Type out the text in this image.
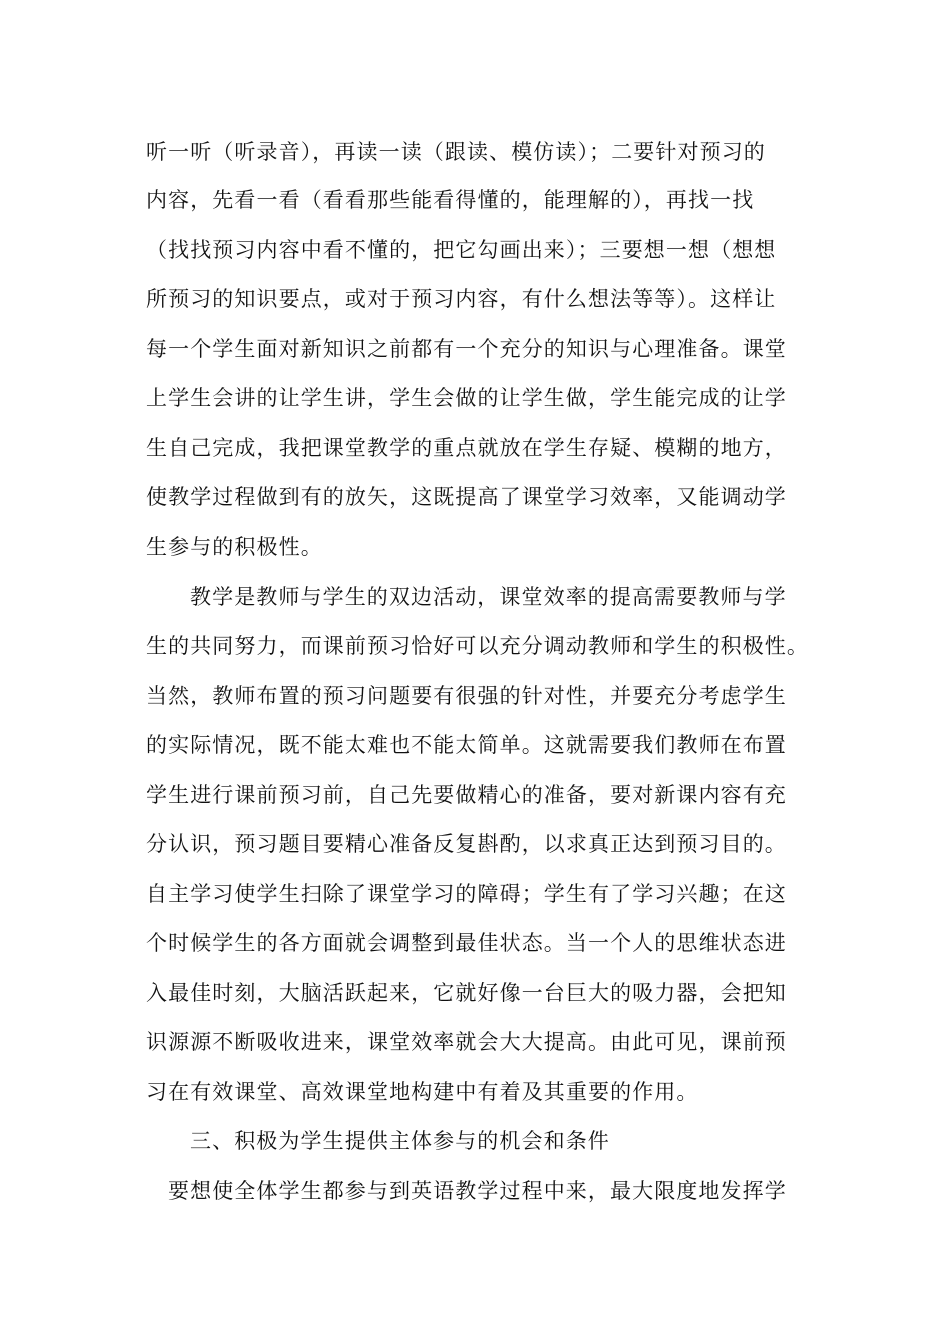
听一听（听录音），再读一读（跟读、模仿读）；二要针对预习的
内容，先看一看（看看那些能看得懂的，能理解的），再找一找
（找找预习内容中看不懂的，把它勾画出来）；三要想一想（想想
所预习的知识要点，或对于预习内容，有什么想法等等）。这样让
每一个学生面对新知识之前都有一个充分的知识与心理准备。课堂
上学生会讲的让学生讲，学生会做的让学生做，学生能完成的让学
生自己完成，我把课堂教学的重点就放在学生存疑、模糊的地方，
使教学过程做到有的放矢，这既提高了课堂学习效率，又能调动学
生参与的积极性。
教学是教师与学生的双边活动，课堂效率的提高需要教师与学
生的共同努力，而课前预习恰好可以充分调动教师和学生的积极性。
当然，教师布置的预习问题要有很强的针对性，并要充分考虑学生
的实际情况，既不能太难也不能太简单。这就需要我们教师在布置
学生进行课前预习前，自己先要做精心的准备，要对新课内容有充
分认识，预习题目要精心准备反复斟酌，以求真正达到预习目的。
自主学习使学生扫除了课堂学习的障碍；学生有了学习兴趣；在这
个时候学生的各方面就会调整到最佳状态。当一个人的思维状态进
入最佳时刻，大脑活跃起来，它就好像一台巨大的吸力器，会把知
识源源不断吸收进来，课堂效率就会大大提高。由此可见，课前预
习在有效课堂、高效课堂地构建中有着及其重要的作用。
三、积极为学生提供主体参与的机会和条件
要想使全体学生都参与到英语教学过程中来，最大限度地发挥学
